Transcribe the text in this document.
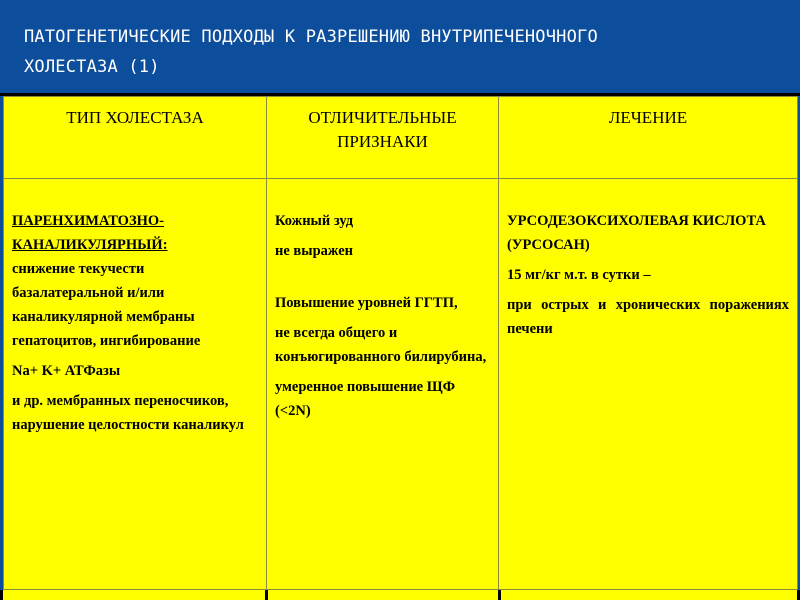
ПАТОГЕНЕТИЧЕСКИЕ ПОДХОДЫ К РАЗРЕШЕНИЮ ВНУТРИПЕЧЕНОЧНОГО
ХОЛЕСТАЗА (1)
ТИП ХОЛЕСТАЗА	ОТЛИЧИТЕЛЬНЫЕ ПРИЗНАКИ	ЛЕЧЕНИЕ

ПАРЕНХИМАТОЗНО-
КАНАЛИКУЛЯРНЫЙ:
снижение текучести базалатеральной и/или каналикулярной мембраны гепатоцитов, ингибирование
Na+ K+ АТФазы
и др. мембранных переносчиков, нарушение целостности каналикул	Кожный зуд
не выражен
Повышение уровней ГГТП,
не всегда общего и конъюгированного билирубина,
умеренное повышение ЩФ (<2N)	УРСОДЕЗОКСИХОЛЕВАЯ КИСЛОТА (УРСОСАН)
15 мг/кг м.т. в сутки –
при острых и хронических поражениях печени
